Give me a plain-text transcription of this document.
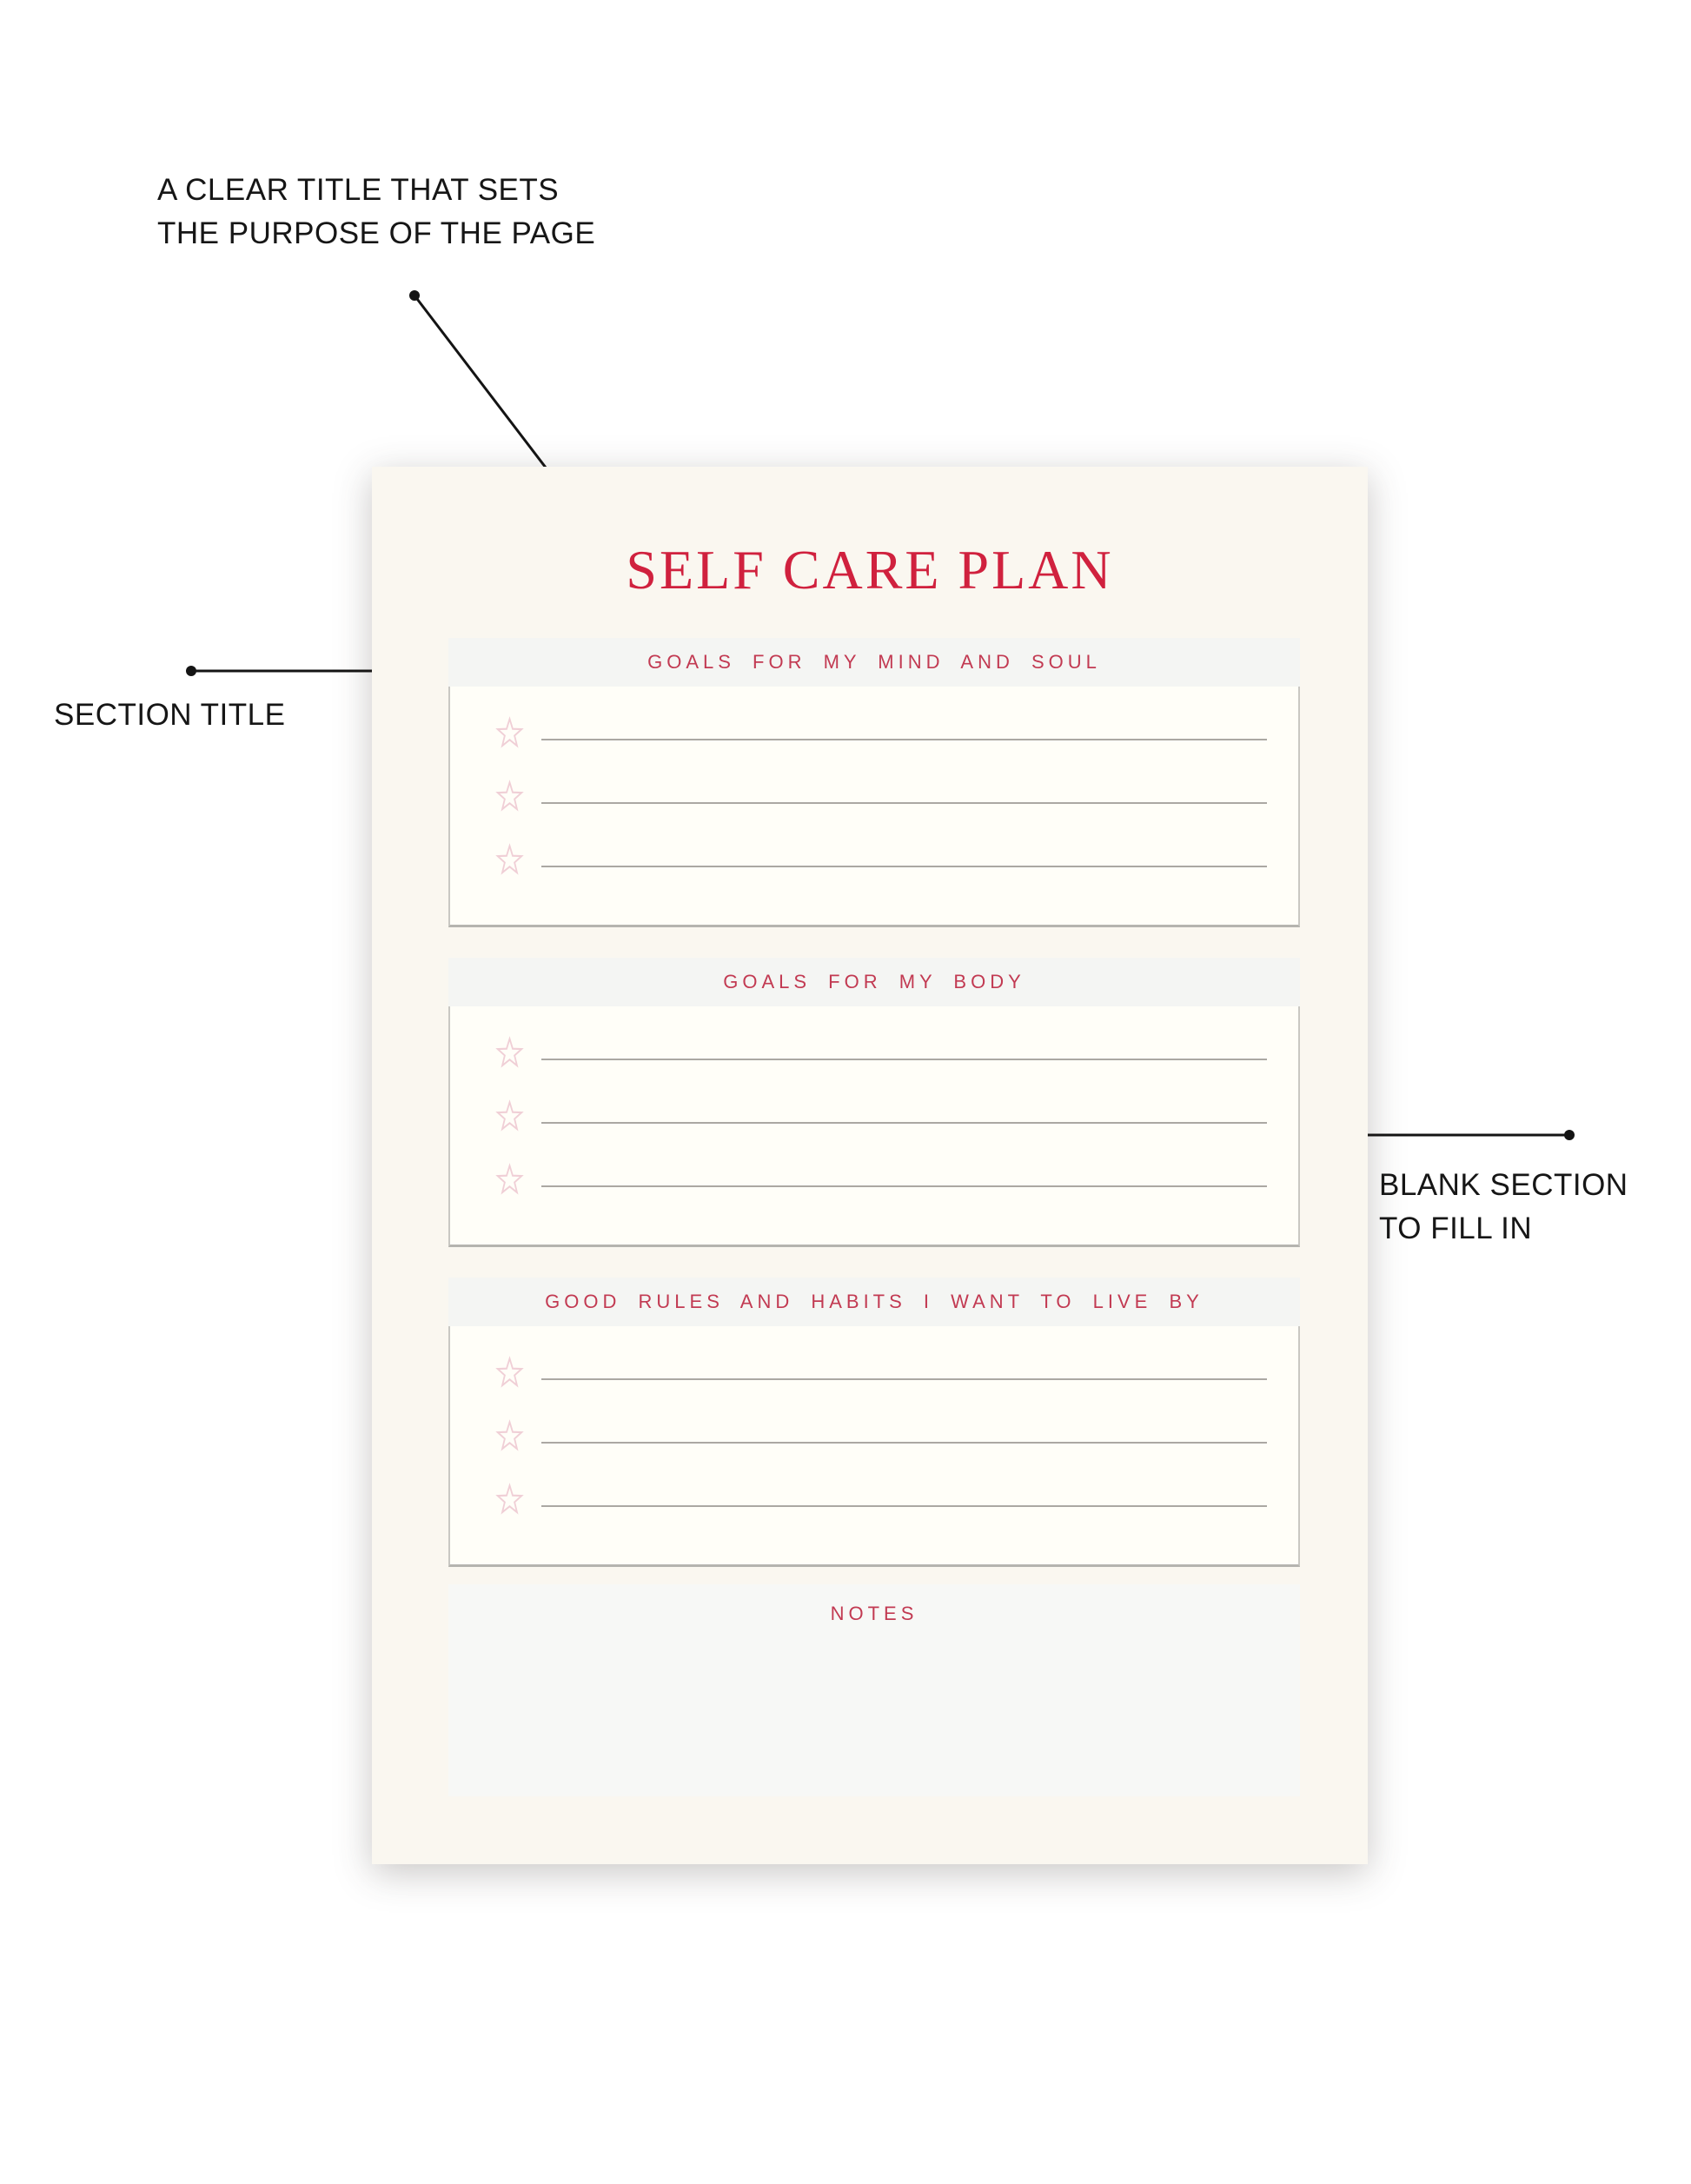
A CLEAR TITLE THAT SETS
THE PURPOSE OF THE PAGE
SECTION TITLE
BLANK SECTION
TO FILL IN
SELF CARE PLAN
GOALS FOR MY MIND AND SOUL
GOALS FOR MY BODY
GOOD RULES AND HABITS I WANT TO LIVE BY
NOTES
